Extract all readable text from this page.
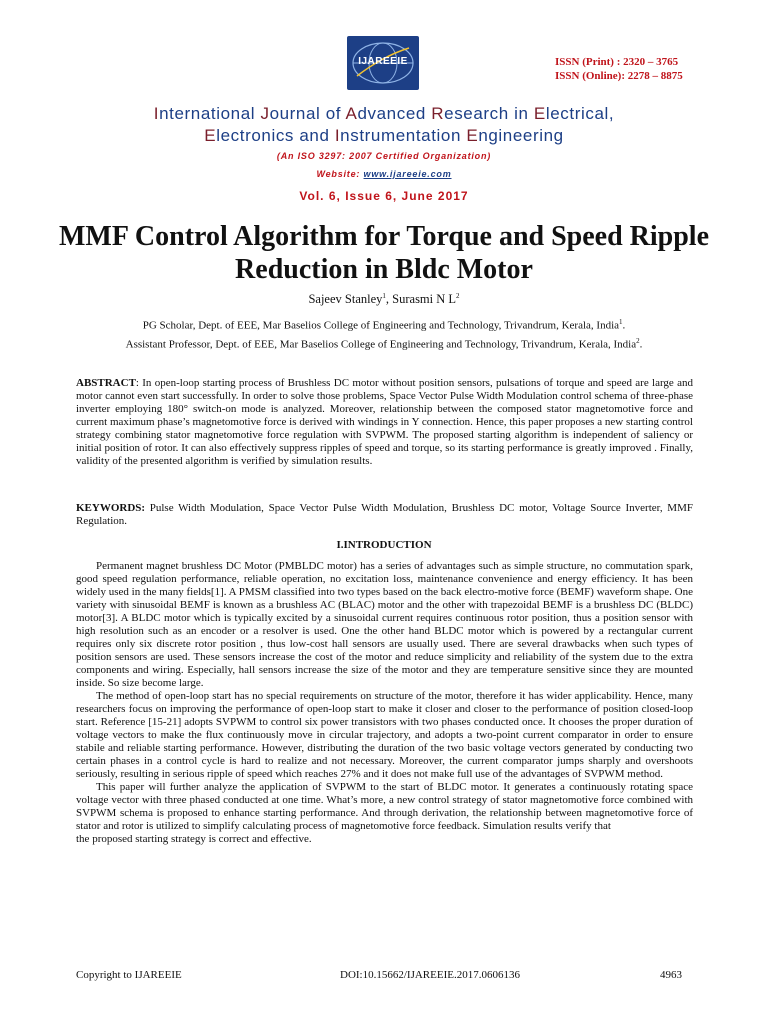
IJAREEIE	ISSN (Print) : 2320 – 3765
ISSN (Online): 2278 – 8875
International Journal of Advanced Research in Electrical,
Electronics and Instrumentation Engineering
(An ISO 3297: 2007 Certified Organization)
Website: www.ijareeie.com
Vol. 6, Issue 6, June 2017
MMF Control Algorithm for Torque and Speed Ripple Reduction in Bldc Motor
Sajeev Stanley$^1$, Surasmi N $L^2$
PG Scholar, Dept. of EEE, Mar Baselios College of Engineering and Technology, Trivandrum, Kerala, India$^1$.
Assistant Professor, Dept. of EEE, Mar Baselios College of Engineering and Technology, Trivandrum, Kerala, India$^2$.
ABSTRACT: In open-loop starting process of Brushless DC motor without position sensors, pulsations of torque and speed are large and motor cannot even start successfully. In order to solve those problems, Space Vector Pulse Width Modulation control schema of three-phase inverter employing 180° switch-on mode is analyzed. Moreover, relationship between the composed stator magnetomotive force and current maximum phase’s magnetomotive force is derived with windings in Y connection. Hence, this paper proposes a new starting control strategy combining stator magnetomotive force regulation with SVPWM. The proposed starting algorithm is independent of saliency or initial position of rotor. It can also effectively suppress ripples of speed and torque, so its starting performance is greatly improved . Finally, validity of the presented algorithm is verified by simulation results.
KEYWORDS: Pulse Width Modulation, Space Vector Pulse Width Modulation, Brushless DC motor, Voltage Source Inverter, MMF Regulation.
I.INTRODUCTION

Permanent magnet brushless DC Motor (PMBLDC motor) has a series of advantages such as simple structure, no commutation spark, good speed regulation performance, reliable operation, no excitation loss, maintenance convenience and energy efficiency. It has been widely used in the many fields[1]. A PMSM classified into two types based on the back electro-motive force (BEMF) waveform shape. One variety with sinusoidal BEMF is known as a brushless AC (BLAC) motor and the other with trapezoidal BEMF is a brushless DC (BLDC) motor[3]. A BLDC motor which is typically excited by a sinusoidal current requires continuous rotor position, thus a position sensor with high resolution such as an encoder or a resolver is used. One the other hand BLDC motor which is powered by a rectangular current requires only six discrete rotor position , thus low-cost hall sensors are usually used. There are several drawbacks when such types of position sensors are used. These sensors increase the cost of the motor and reduce simplicity and reliability of the system due to the extra components and wiring. Especially, hall sensors increase the size of the motor and they are temperature sensitive since they are mounted inside. So size become large.

The method of open-loop start has no special requirements on structure of the motor, therefore it has wider applicability. Hence, many researchers focus on improving the performance of open-loop start to make it closer and closer to the performance of position closed-loop start. Reference [15-21] adopts SVPWM to control six power transistors with two phases conducted once. It chooses the proper duration of voltage vectors to make the flux continuously move in circular trajectory, and adopts a two-point current comparator in order to ensure stabile and reliable starting performance. However, distributing the duration of the two basic voltage vectors generated by conducting two certain phases in a control cycle is hard to realize and not necessary. Moreover, the current comparator jumps sharply and overshoots seriously, resulting in serious ripple of speed which reaches 27% and it does not make full use of the advantages of SVPWM method.

This paper will further analyze the application of SVPWM to the start of BLDC motor. It generates a continuously rotating space voltage vector with three phased conducted at one time. What’s more, a new control strategy of stator magnetomotive force combined with SVPWM schema is proposed to enhance starting performance. And through derivation, the relationship between magnetomotive force of stator and rotor is utilized to simplify calculating process of magnetomotive force feedback. Simulation results verify that

the proposed starting strategy is correct and effective.

Copyright to IJAREEIE	DOI:10.15662/IJAREEIE.2017.0606136	4963
